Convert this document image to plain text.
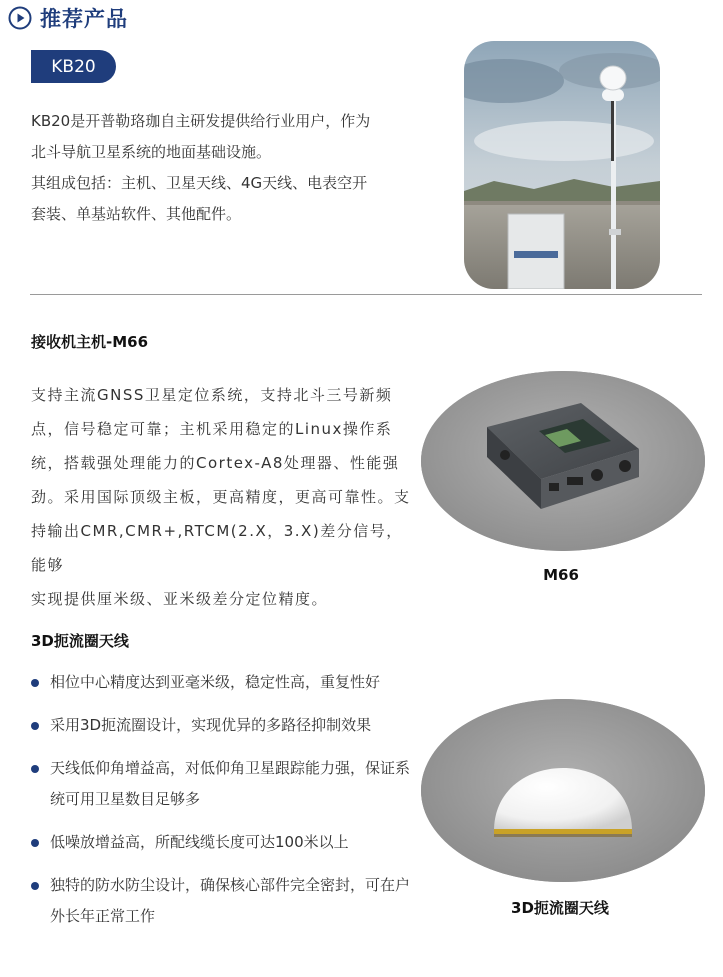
推荐产品
KB20
KB20是开普勒珞珈自主研发提供给行业用户，作为
北斗导航卫星系统的地面基础设施。
其组成包括：主机、卫星天线、4G天线、电表空开
套装、单基站软件、其他配件。
接收机主机-M66
支持主流GNSS卫星定位系统，支持北斗三号新频
点，信号稳定可靠；主机采用稳定的Linux操作系
统，搭载强处理能力的Cortex-A8处理器、性能强
劲。采用国际顶级主板，更高精度，更高可靠性。支
持输出CMR,CMR+,RTCM(2.X，3.X)差分信号，能够
实现提供厘米级、亚米级差分定位精度。
M66
3D扼流圈天线
相位中心精度达到亚毫米级，稳定性高，重复性好
采用3D扼流圈设计，实现优异的多路径抑制效果
天线低仰角增益高，对低仰角卫星跟踪能力强，保证系统可用卫星数目足够多
低噪放增益高，所配线缆长度可达100米以上
独特的防水防尘设计，确保核心部件完全密封，可在户外长年正常工作	3D扼流圈天线
